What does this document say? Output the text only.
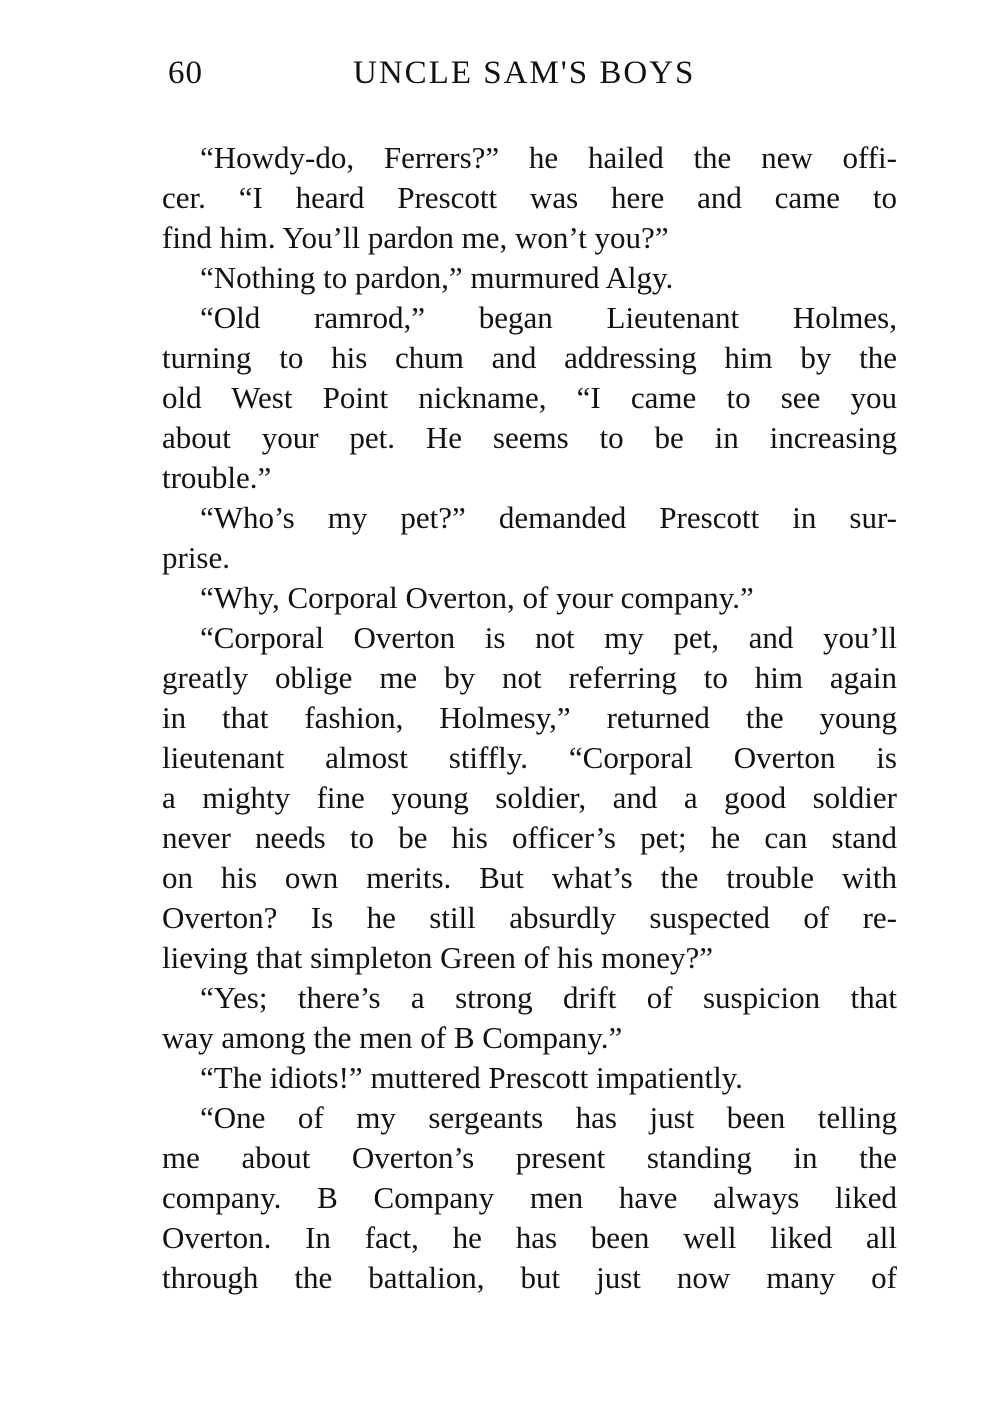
60	UNCLE SAM'S BOYS
“Howdy-do, Ferrers?” he hailed the new offi-
cer. “I heard Prescott was here and came to
find him. You’ll pardon me, won’t you?”
“Nothing to pardon,” murmured Algy.
“Old ramrod,” began Lieutenant Holmes,
turning to his chum and addressing him by the
old West Point nickname, “I came to see you
about your pet. He seems to be in increasing
trouble.”
“Who’s my pet?” demanded Prescott in sur-
prise.
“Why, Corporal Overton, of your company.”
“Corporal Overton is not my pet, and you’ll
greatly oblige me by not referring to him again
in that fashion, Holmesy,” returned the young
lieutenant almost stiffly. “Corporal Overton is
a mighty fine young soldier, and a good soldier
never needs to be his officer’s pet; he can stand
on his own merits. But what’s the trouble with
Overton? Is he still absurdly suspected of re-
lieving that simpleton Green of his money?”
“Yes; there’s a strong drift of suspicion that
way among the men of B Company.”
“The idiots!” muttered Prescott impatiently.
“One of my sergeants has just been telling
me about Overton’s present standing in the
company. B Company men have always liked
Overton. In fact, he has been well liked all
through the battalion, but just now many of
